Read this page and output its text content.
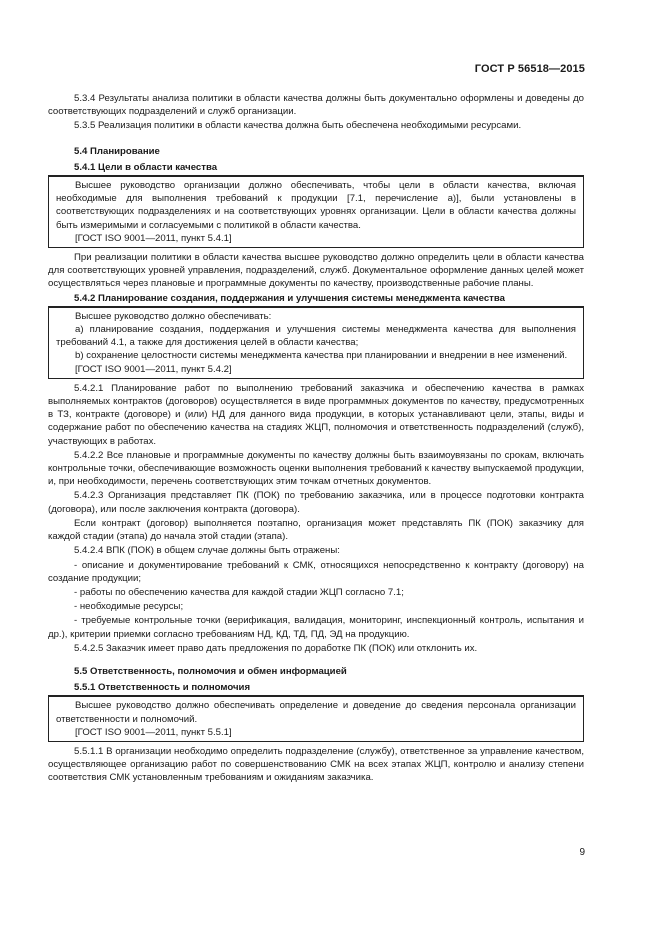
ГОСТ Р 56518—2015

5.3.4 Результаты анализа политики в области качества должны быть документально оформлены и доведены до соответствующих подразделений и служб организации.

5.3.5 Реализация политики в области качества должна быть обеспечена необходимыми ресурсами.

5.4 Планирование
5.4.1 Цели в области качества

Высшее руководство организации должно обеспечивать, чтобы цели в области качества, включая необходимые для выполнения требований к продукции [7.1, перечисление а)], были установлены в соответствующих подразделениях и на соответствующих уровнях организации. Цели в области качества должны быть измеримыми и согласуемыми с политикой в области качества.

[ГОСТ ISO 9001—2011, пункт 5.4.1]

При реализации политики в области качества высшее руководство должно определить цели в области качества для соответствующих уровней управления, подразделений, служб. Документальное оформление данных целей может осуществляться через плановые и программные документы по качеству, производственные рабочие планы.

5.4.2 Планирование создания, поддержания и улучшения системы менеджмента качества

Высшее руководство должно обеспечивать:

а) планирование создания, поддержания и улучшения системы менеджмента качества для выполнения требований 4.1, а также для достижения целей в области качества;

b) сохранение целостности системы менеджмента качества при планировании и внедрении в нее изменений.

[ГОСТ ISO 9001—2011, пункт 5.4.2]

5.4.2.1 Планирование работ по выполнению требований заказчика и обеспечению качества в рамках выполняемых контрактов (договоров) осуществляется в виде программных документов по качеству, предусмотренных в ТЗ, контракте (договоре) и (или) НД для данного вида продукции, в которых устанавливают цели, этапы, виды и содержание работ по обеспечению качества на стадиях ЖЦП, полномочия и ответственность подразделений (служб), участвующих в работах.

5.4.2.2 Все плановые и программные документы по качеству должны быть взаимоувязаны по срокам, включать контрольные точки, обеспечивающие возможность оценки выполнения требований к качеству выпускаемой продукции, и, при необходимости, перечень соответствующих этим точкам отчетных документов.

5.4.2.3 Организация представляет ПК (ПОК) по требованию заказчика, или в процессе подготовки контракта (договора), или после заключения контракта (договора).

Если контракт (договор) выполняется поэтапно, организация может представлять ПК (ПОК) заказчику для каждой стадии (этапа) до начала этой стадии (этапа).

5.4.2.4 ВПК (ПОК) в общем случае должны быть отражены:

- описание и документирование требований к СМК, относящихся непосредственно к контракту (договору) на создание продукции;

- работы по обеспечению качества для каждой стадии ЖЦП согласно 7.1;

- необходимые ресурсы;

- требуемые контрольные точки (верификация, валидация, мониторинг, инспекционный контроль, испытания и др.), критерии приемки согласно требованиям НД, КД, ТД, ПД, ЭД на продукцию.

5.4.2.5 Заказчик имеет право дать предложения по доработке ПК (ПОК) или отклонить их.

5.5 Ответственность, полномочия и обмен информацией
5.5.1 Ответственность и полномочия

Высшее руководство должно обеспечивать определение и доведение до сведения персонала организации ответственности и полномочий.

[ГОСТ ISO 9001—2011, пункт 5.5.1]

5.5.1.1 В организации необходимо определить подразделение (службу), ответственное за управление качеством, осуществляющее организацию работ по совершенствованию СМК на всех этапах ЖЦП, контролю и анализу степени соответствия СМК установленным требованиям и ожиданиям заказчика.

9
